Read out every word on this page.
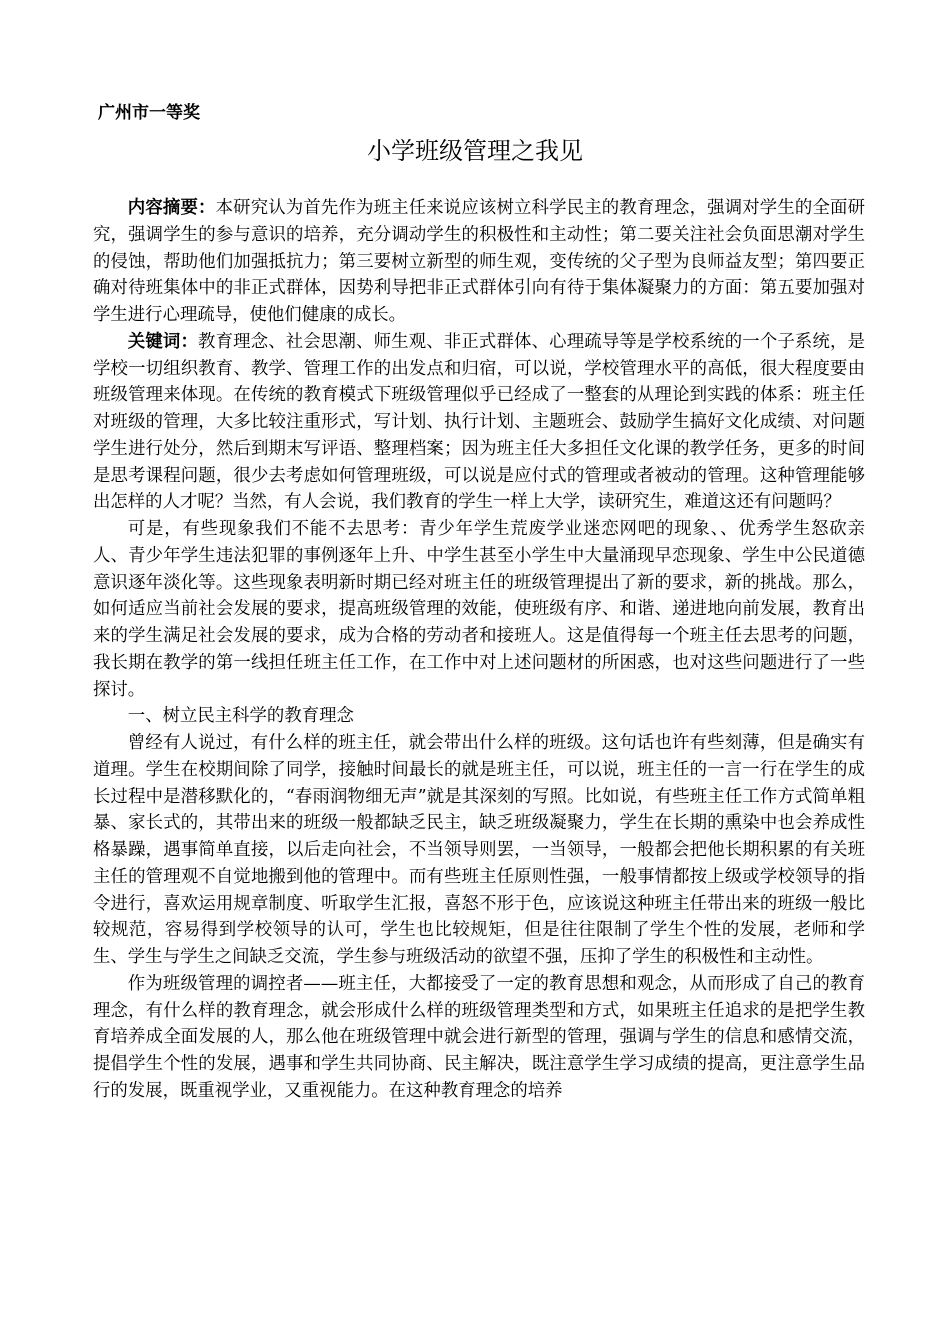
广州市一等奖
小学班级管理之我见

内容摘要：本研究认为首先作为班主任来说应该树立科学民主的教育理念，强调对学生的全面研究，强调学生的参与意识的培养，充分调动学生的积极性和主动性；第二要关注社会负面思潮对学生的侵蚀，帮助他们加强抵抗力；第三要树立新型的师生观，变传统的父子型为良师益友型；第四要正确对待班集体中的非正式群体，因势利导把非正式群体引向有待于集体凝聚力的方面：第五要加强对学生进行心理疏导，使他们健康的成长。

关键词：教育理念、社会思潮、师生观、非正式群体、心理疏导等是学校系统的一个子系统，是学校一切组织教育、教学、管理工作的出发点和归宿，可以说，学校管理水平的高低，很大程度要由班级管理来体现。在传统的教育模式下班级管理似乎已经成了一整套的从理论到实践的体系：班主任对班级的管理，大多比较注重形式，写计划、执行计划、主题班会、鼓励学生搞好文化成绩、对问题学生进行处分，然后到期末写评语、整理档案；因为班主任大多担任文化课的教学任务，更多的时间是思考课程问题，很少去考虑如何管理班级，可以说是应付式的管理或者被动的管理。这种管理能够出怎样的人才呢？当然，有人会说，我们教育的学生一样上大学，读研究生，难道这还有问题吗？

可是，有些现象我们不能不去思考：青少年学生荒废学业迷恋网吧的现象、、优秀学生怒砍亲人、青少年学生违法犯罪的事例逐年上升、中学生甚至小学生中大量涌现早恋现象、学生中公民道德意识逐年淡化等。这些现象表明新时期已经对班主任的班级管理提出了新的要求，新的挑战。那么，如何适应当前社会发展的要求，提高班级管理的效能，使班级有序、和谐、递进地向前发展，教育出来的学生满足社会发展的要求，成为合格的劳动者和接班人。这是值得每一个班主任去思考的问题，我长期在教学的第一线担任班主任工作，在工作中对上述问题材的所困惑，也对这些问题进行了一些探讨。

一、树立民主科学的教育理念

曾经有人说过，有什么样的班主任，就会带出什么样的班级。这句话也许有些刻薄，但是确实有道理。学生在校期间除了同学，接触时间最长的就是班主任，可以说，班主任的一言一行在学生的成长过程中是潜移默化的，“春雨润物细无声”就是其深刻的写照。比如说，有些班主任工作方式简单粗暴、家长式的，其带出来的班级一般都缺乏民主，缺乏班级凝聚力，学生在长期的熏染中也会养成性格暴躁，遇事简单直接，以后走向社会，不当领导则罢，一当领导，一般都会把他长期积累的有关班主任的管理观不自觉地搬到他的管理中。而有些班主任原则性强，一般事情都按上级或学校领导的指令进行，喜欢运用规章制度、听取学生汇报，喜怒不形于色，应该说这种班主任带出来的班级一般比较规范，容易得到学校领导的认可，学生也比较规矩，但是往往限制了学生个性的发展，老师和学生、学生与学生之间缺乏交流，学生参与班级活动的欲望不强，压抑了学生的积极性和主动性。

作为班级管理的调控者——班主任，大都接受了一定的教育思想和观念，从而形成了自己的教育理念，有什么样的教育理念，就会形成什么样的班级管理类型和方式，如果班主任追求的是把学生教育培养成全面发展的人，那么他在班级管理中就会进行新型的管理，强调与学生的信息和感情交流，提倡学生个性的发展，遇事和学生共同协商、民主解决，既注意学生学习成绩的提高，更注意学生品行的发展，既重视学业，又重视能力。在这种教育理念的培养
